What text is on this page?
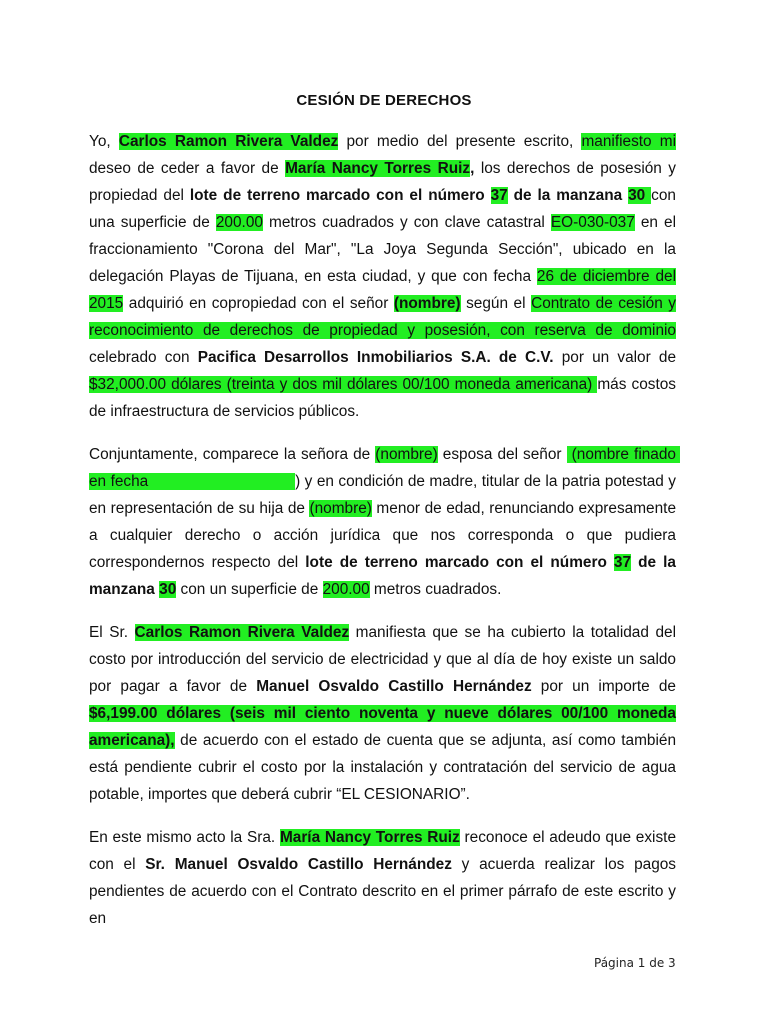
CESIÓN DE DERECHOS

Yo, Carlos Ramon Rivera Valdez por medio del presente escrito, manifiesto mi deseo de ceder a favor de María Nancy Torres Ruiz, los derechos de posesión y propiedad del lote de terreno marcado con el número 37 de la manzana 30 con una superficie de 200.00 metros cuadrados y con clave catastral EO-030-037 en el fraccionamiento "Corona del Mar", "La Joya Segunda Sección", ubicado en la delegación Playas de Tijuana, en esta ciudad, y que con fecha 26 de diciembre del 2015 adquirió en copropiedad con el señor (nombre) según el Contrato de cesión y reconocimiento de derechos de propiedad y posesión, con reserva de dominio celebrado con Pacifica Desarrollos Inmobiliarios S.A. de C.V. por un valor de $32,000.00 dólares (treinta y dos mil dólares 00/100 moneda americana) más costos de infraestructura de servicios públicos.

Conjuntamente, comparece la señora de (nombre) esposa del señor  (nombre finado en fecha                                 ) y en condición de madre, titular de la patria potestad y en representación de su hija de (nombre) menor de edad, renunciando expresamente a cualquier derecho o acción jurídica que nos corresponda o que pudiera correspondernos respecto del lote de terreno marcado con el número 37 de la manzana 30 con un superficie de 200.00 metros cuadrados.

El Sr. Carlos Ramon Rivera Valdez manifiesta que se ha cubierto la totalidad del costo por introducción del servicio de electricidad y que al día de hoy existe un saldo por pagar a favor de Manuel Osvaldo Castillo Hernández por un importe de $6,199.00 dólares (seis mil ciento noventa y nueve dólares 00/100 moneda americana), de acuerdo con el estado de cuenta que se adjunta, así como también está pendiente cubrir el costo por la instalación y contratación del servicio de agua potable, importes que deberá cubrir “EL CESIONARIO”.

En este mismo acto la Sra. María Nancy Torres Ruiz reconoce el adeudo que existe con el Sr. Manuel Osvaldo Castillo Hernández y acuerda realizar los pagos pendientes de acuerdo con el Contrato descrito en el primer párrafo de este escrito y en

Página 1 de 3
